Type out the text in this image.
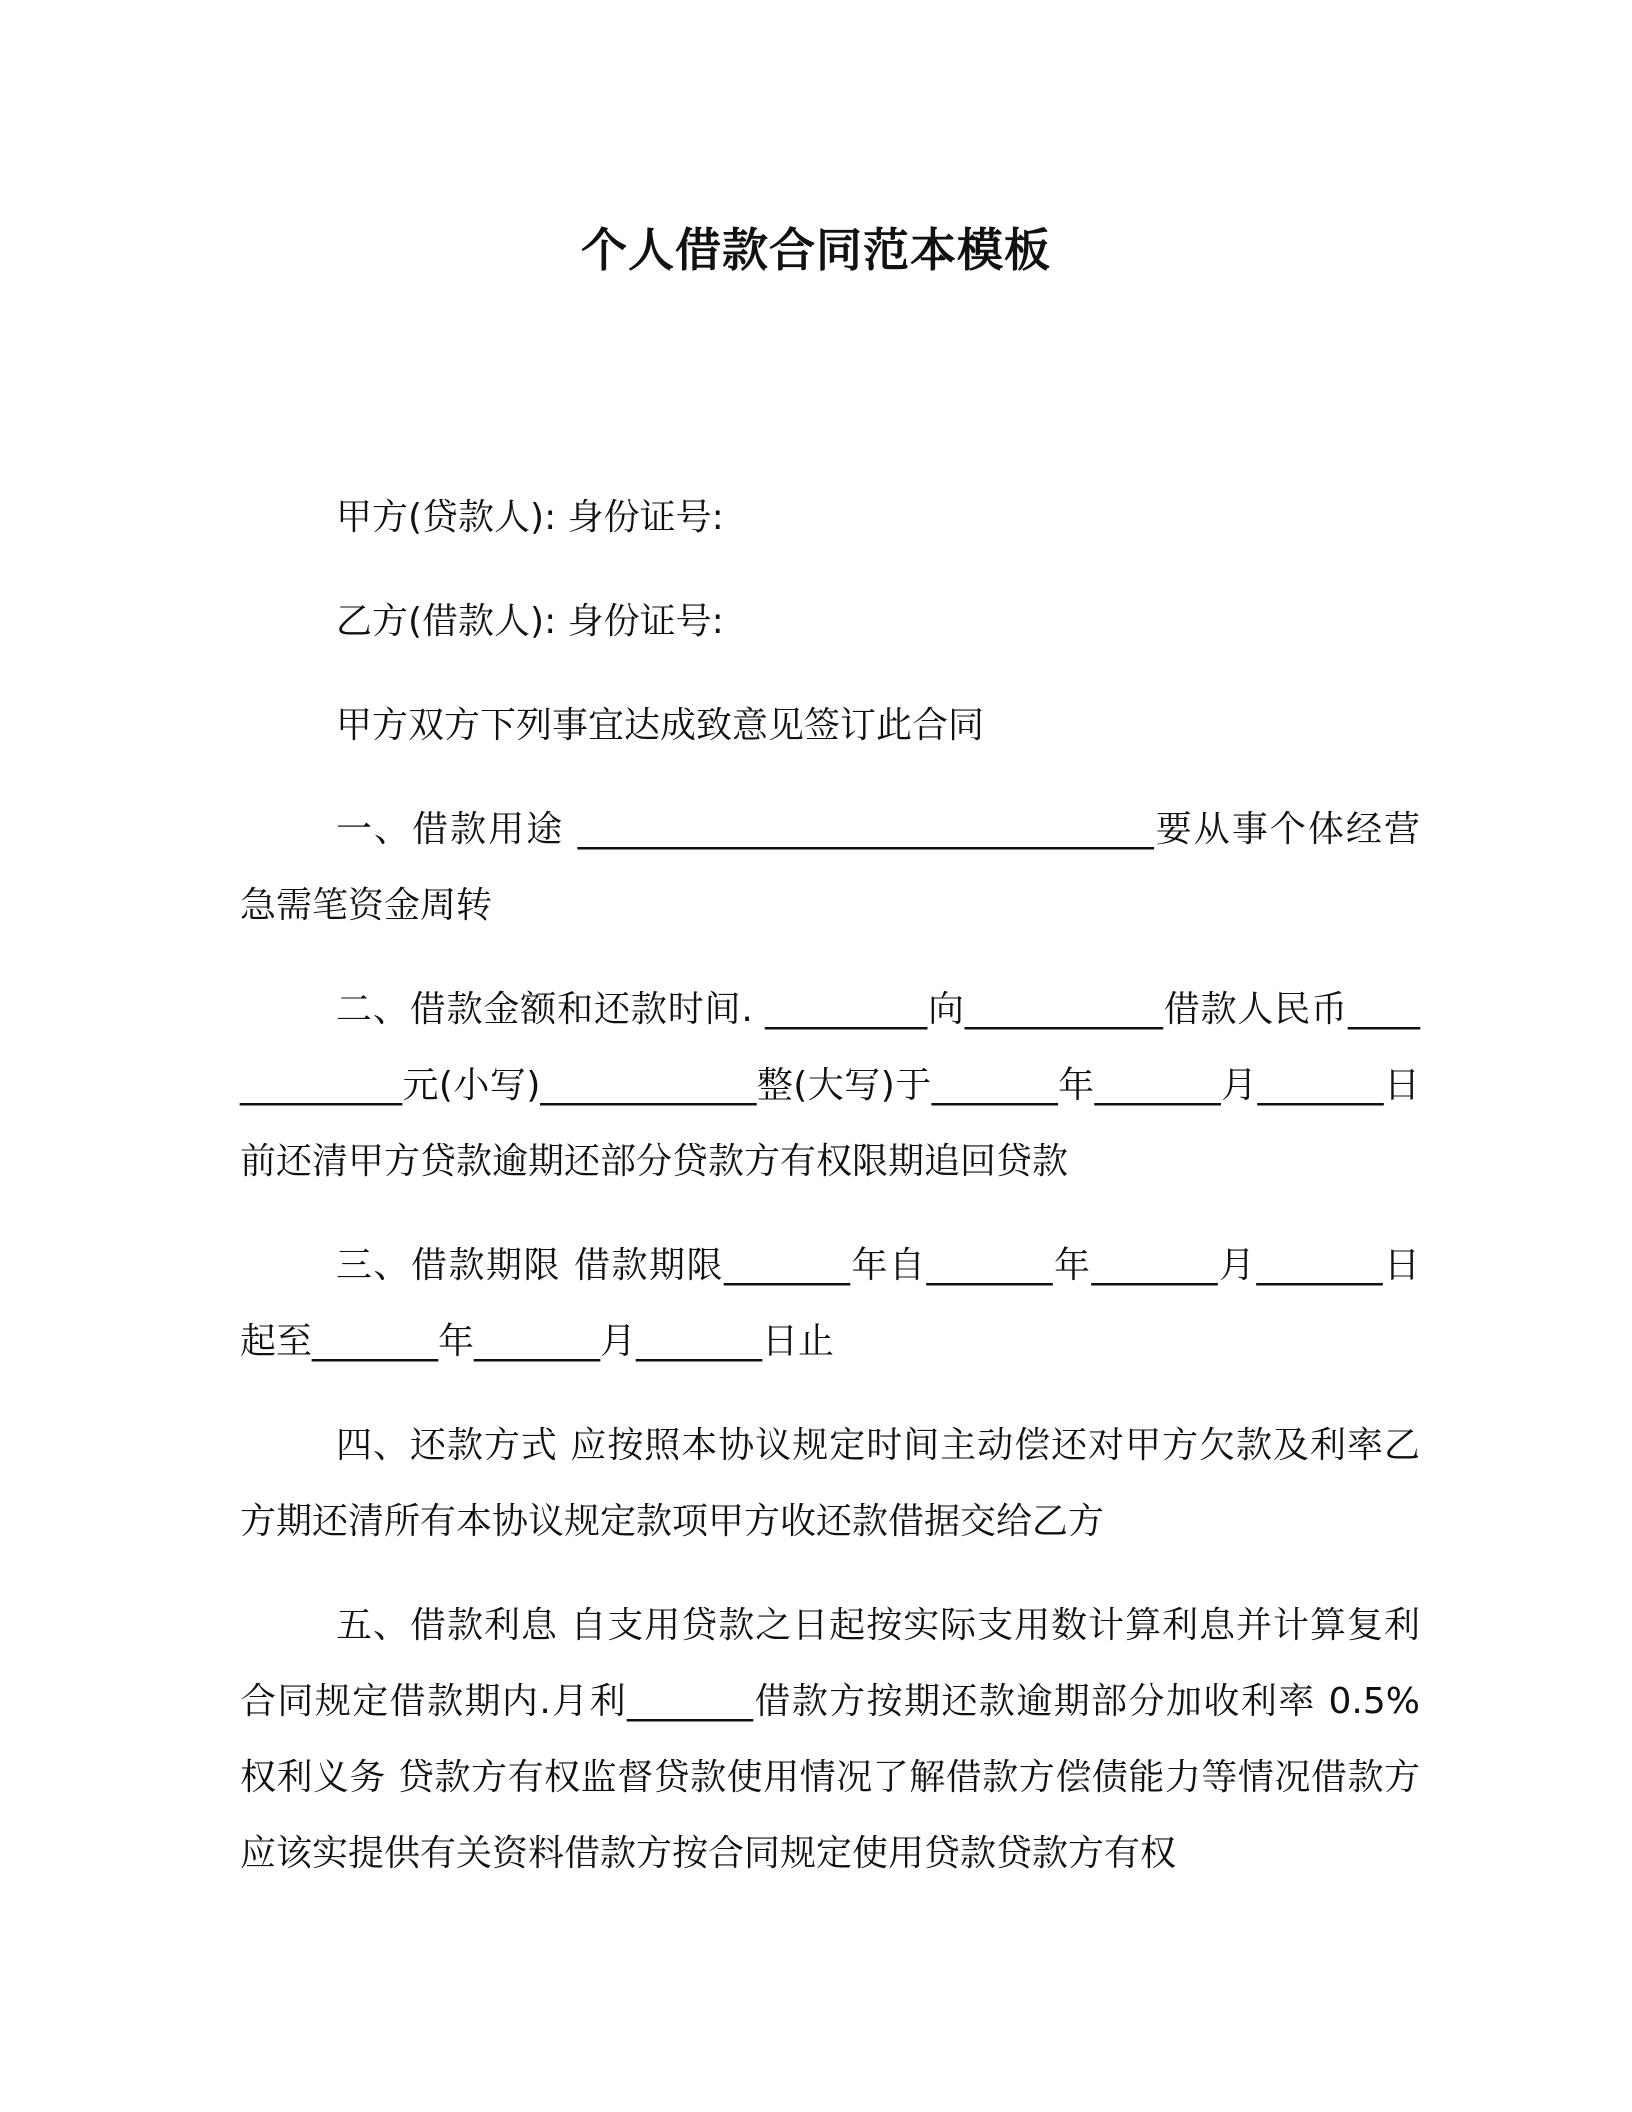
个人借款合同范本模板

甲方(贷款人): 身份证号:

乙方(借款人): 身份证号:

甲方双方下列事宜达成致意见签订此合同

一、借款用途 ________________________________要从事个体经营急需笔资金周转

二、借款金额和还款时间. _________向___________借款人民币_____________元(小写)____________整(大写)于_______年_______月_______日前还清甲方贷款逾期还部分贷款方有权限期追回贷款

三、借款期限 借款期限_______年自_______年_______月_______日起至_______年_______月_______日止

四、还款方式 应按照本协议规定时间主动偿还对甲方欠款及利率乙方期还清所有本协议规定款项甲方收还款借据交给乙方

五、借款利息 自支用贷款之日起按实际支用数计算利息并计算复利合同规定借款期内.月利_______借款方按期还款逾期部分加收利率 0.5% 权利义务 贷款方有权监督贷款使用情况了解借款方偿债能力等情况借款方应该实提供有关资料借款方按合同规定使用贷款贷款方有权
